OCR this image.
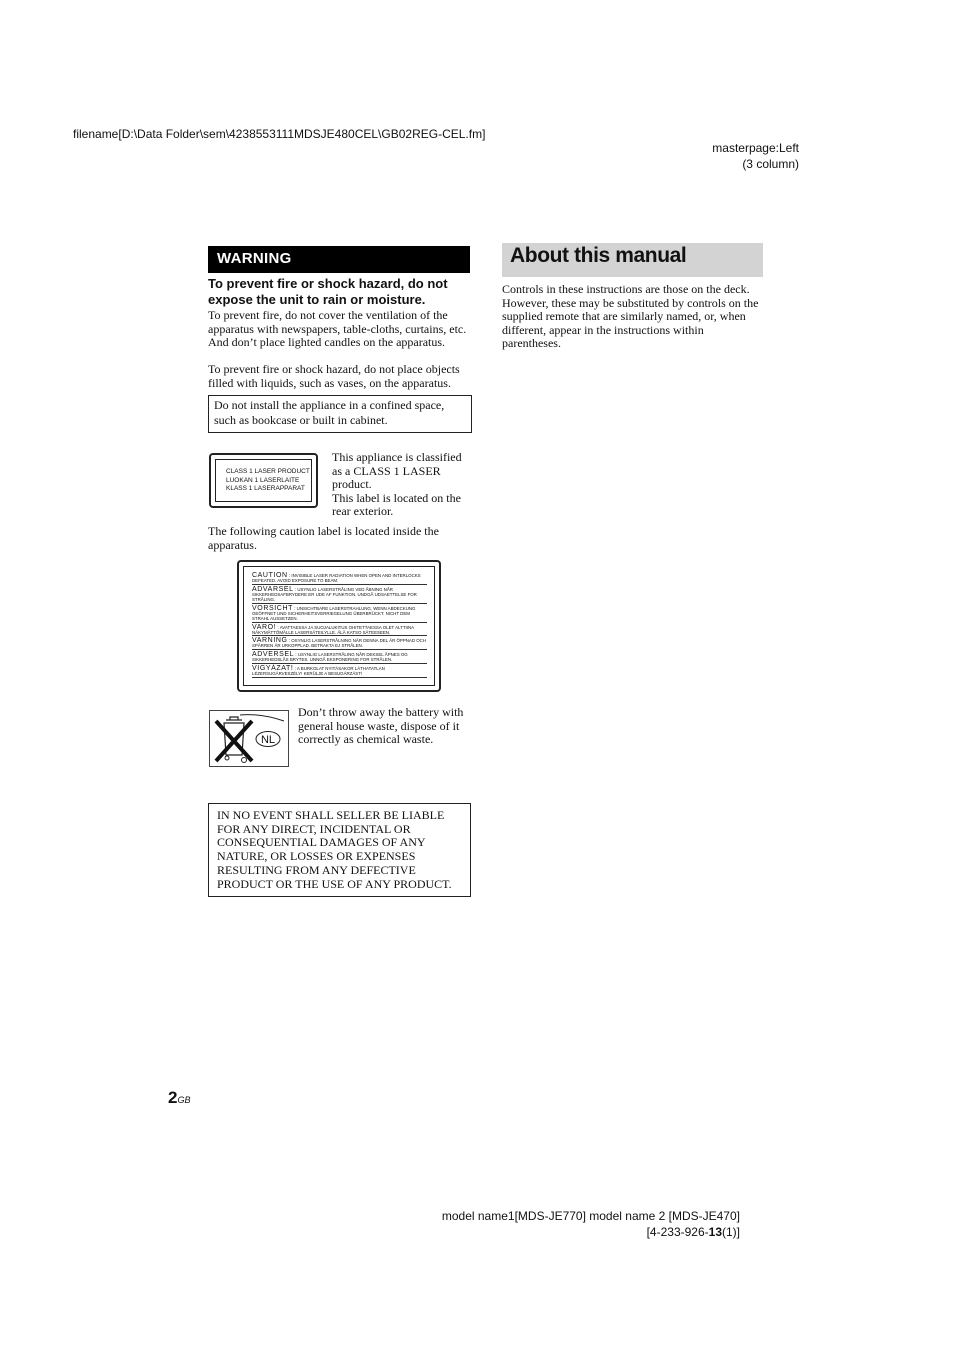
filename[D:\Data Folder\sem\4238553111MDSJE480CEL\GB02REG-CEL.fm]
masterpage:Left
(3 column)
WARNING
To prevent fire or shock hazard, do not expose the unit to rain or moisture.
To prevent fire, do not cover the ventilation of the apparatus with newspapers, table-cloths, curtains, etc. And don’t place lighted candles on the apparatus.
To prevent fire or shock hazard, do not place objects filled with liquids, such as vases, on the apparatus.
Do not install the appliance in a confined space, such as bookcase or built in cabinet.
CLASS 1 LASER PRODUCT
LUOKAN 1 LASERLAITE
KLASS 1 LASERAPPARAT
This appliance is classified as a CLASS 1 LASER product.
This label is located on the rear exterior.
The following caution label is located inside the apparatus.
CAUTION : INVISIBLE LASER RADIATION WHEN OPEN AND INTERLOCKS DEFEATED. AVOID EXPOSURE TO BEAM.
ADVARSEL : USYNLIG LASERSTRÅLING VED ÅBNING NÅR SIKKERHEDSAFBRYDERE ER UDE AF FUNKTION. UNDGÅ UDSAETTELSE FOR STRÅLING.
VORSICHT : UNSICHTBARE LASERSTRAHLUNG, WENN ABDECKUNG GEÖFFNET UND SICHERHEITSVERRIEGELUNG ÜBERBRÜCKT. NICHT DEM STRAHL AUSSETZEN.
VARO! : AVATTAESSA JA SUOJALUKITUS OHITETTAESSA OLET ALTTIINA NÄKYMÄTTÖMÄLLE LASERSÄTEILYLLE. ÄLÄ KATSO SÄTEESEEN.
VARNING : OSYNLIG LASERSTRÅLNING NÄR DENNA DEL ÄR ÖPPNAD OCH SPÄRREN ÄR URKOPPLAD. BETRAKTA EJ STRÅLEN.
ADVERSEL : USYNLIG LASERSTRÅLING NÅR DEKSEL ÅPNES OG SIKKERHEDSLÅS BRYTES. UNNGÅ EKSPONERING FOR STRÅLEN.
VIGYÁZAT! : A BURKOLAT NYITÁSAKOR LÁTHATATLAN LÉZERSUGÁRVESZÉLY! KERÜLJE A BESUGÁRZÁST!
NL
Don’t throw away the battery with general house waste, dispose of it correctly as chemical waste.
IN NO EVENT SHALL SELLER BE LIABLE FOR ANY DIRECT, INCIDENTAL OR CONSEQUENTIAL DAMAGES OF ANY NATURE, OR LOSSES OR EXPENSES RESULTING FROM ANY DEFECTIVE PRODUCT OR THE USE OF ANY PRODUCT.
About this manual
Controls in these instructions are those on the deck. However, these may be substituted by controls on the supplied remote that are similarly named, or, when different, appear in the instructions within parentheses.
2GB
model name1[MDS-JE770] model name 2 [MDS-JE470]
[4-233-926-13(1)]
